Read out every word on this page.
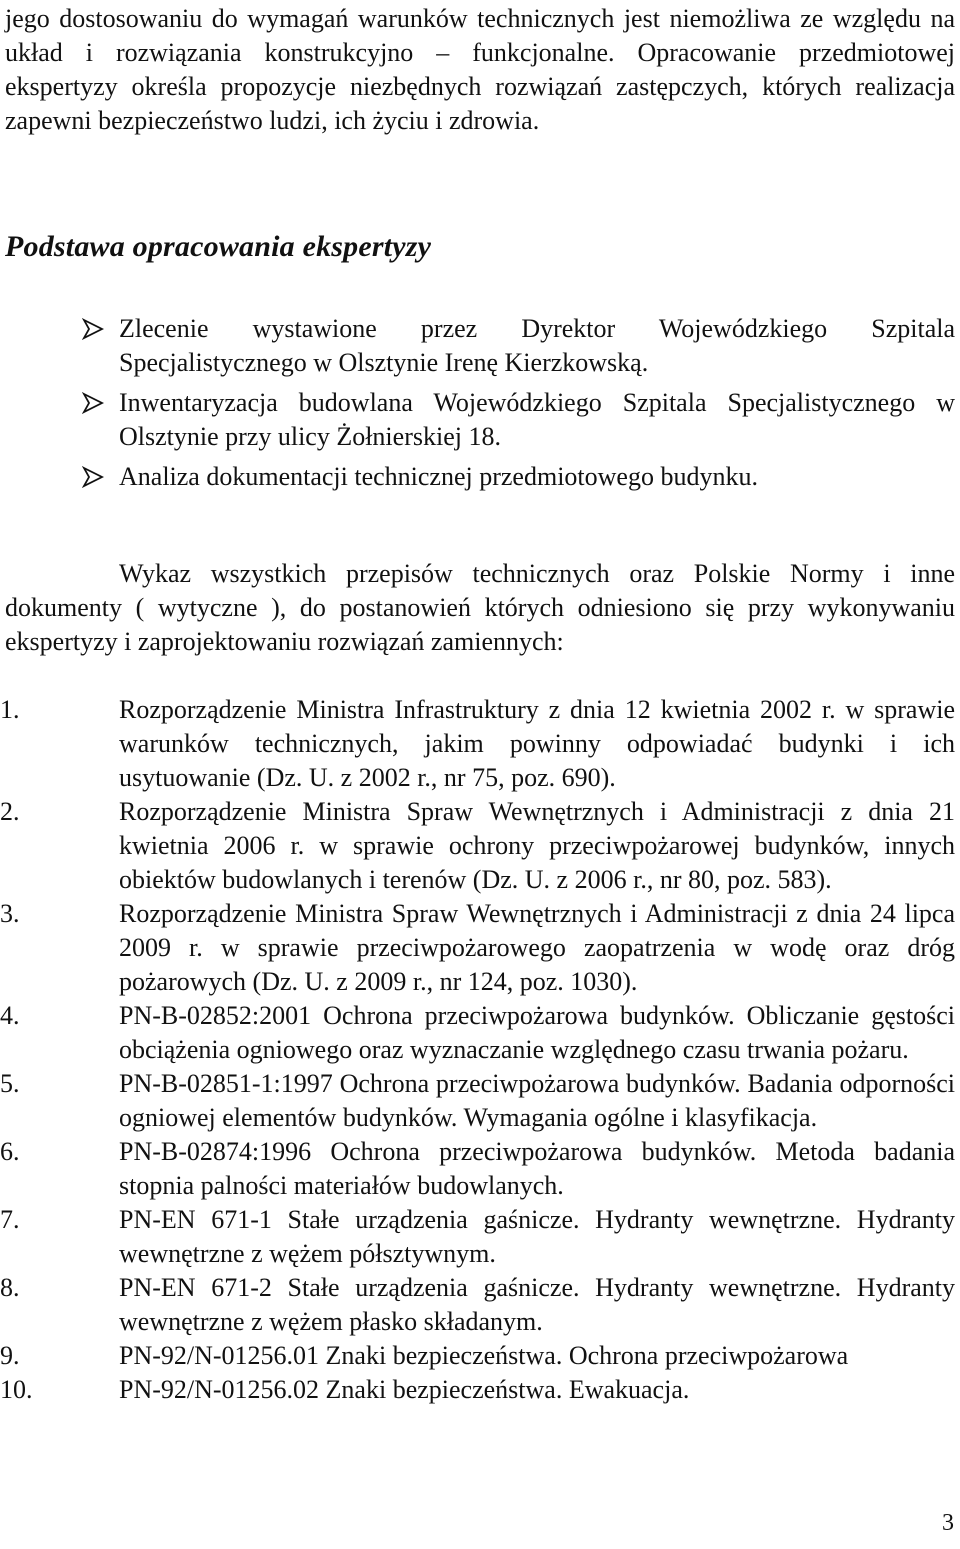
jego dostosowaniu do wymagań warunków technicznych jest niemożliwa ze względu na układ i rozwiązania konstrukcyjno – funkcjonalne. Opracowanie przedmiotowej ekspertyzy określa propozycje niezbędnych rozwiązań zastępczych, których realizacja zapewni bezpieczeństwo ludzi, ich życiu i zdrowia.

Podstawa opracowania ekspertyzy
Zlecenie wystawione przez Dyrektor Wojewódzkiego Szpitala Specjalistycznego w Olsztynie Irenę Kierzkowską.
Inwentaryzacja budowlana Wojewódzkiego Szpitala Specjalistycznego w Olsztynie przy ulicy Żołnierskiej 18.
Analiza dokumentacji technicznej przedmiotowego budynku.

Wykaz wszystkich przepisów technicznych oraz Polskie Normy i inne dokumenty ( wytyczne ), do postanowień których odniesiono się przy wykonywaniu ekspertyzy i zaprojektowaniu rozwiązań zamiennych:

1.	Rozporządzenie Ministra Infrastruktury z dnia 12 kwietnia 2002 r. w sprawie warunków technicznych, jakim powinny odpowiadać budynki i ich usytuowanie (Dz. U. z 2002 r., nr 75, poz. 690).
2.	Rozporządzenie Ministra Spraw Wewnętrznych i Administracji z dnia 21 kwietnia 2006 r. w sprawie ochrony przeciwpożarowej budynków, innych obiektów budowlanych i terenów (Dz. U. z 2006 r., nr 80, poz. 583).
3.	Rozporządzenie Ministra Spraw Wewnętrznych i Administracji z dnia 24 lipca 2009 r. w sprawie przeciwpożarowego zaopatrzenia w wodę oraz dróg pożarowych (Dz. U. z 2009 r., nr 124, poz. 1030).
4.	PN-B-02852:2001 Ochrona przeciwpożarowa budynków. Obliczanie gęstości obciążenia ogniowego oraz wyznaczanie względnego czasu trwania pożaru.
5.	PN-B-02851-1:1997 Ochrona przeciwpożarowa budynków. Badania odporności ogniowej elementów budynków. Wymagania ogólne i klasyfikacja.
6.	PN-B-02874:1996 Ochrona przeciwpożarowa budynków. Metoda badania stopnia palności materiałów budowlanych.
7.	PN-EN 671-1 Stałe urządzenia gaśnicze. Hydranty wewnętrzne. Hydranty wewnętrzne z wężem półsztywnym.
8.	PN-EN 671-2 Stałe urządzenia gaśnicze. Hydranty wewnętrzne. Hydranty wewnętrzne z wężem płasko składanym.
9.	PN-92/N-01256.01 Znaki bezpieczeństwa. Ochrona przeciwpożarowa
10.	PN-92/N-01256.02 Znaki bezpieczeństwa. Ewakuacja.
3
